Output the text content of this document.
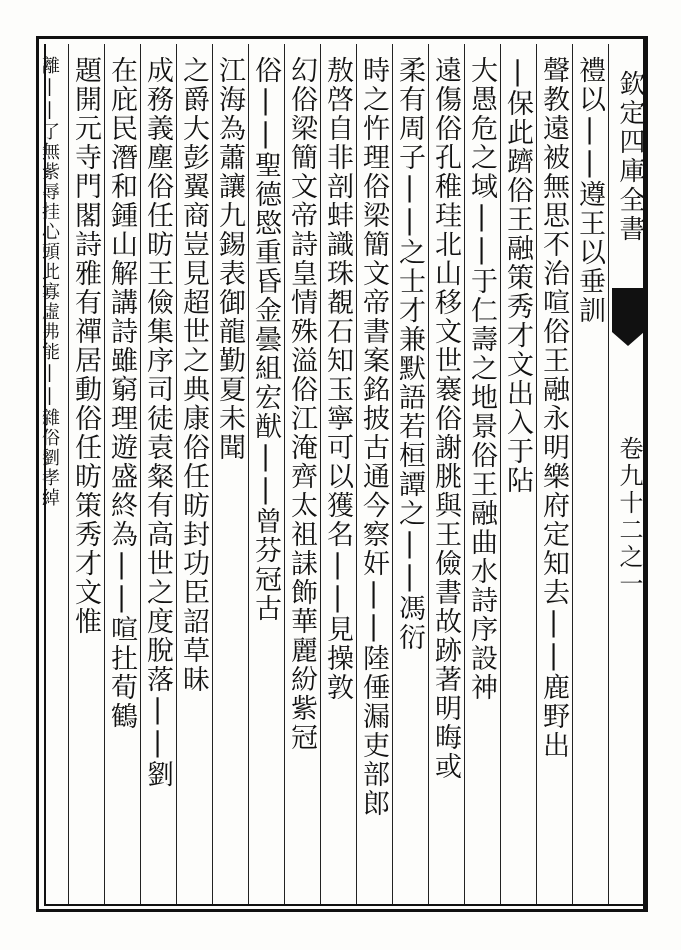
欽定四庫全書
卷九十二之一
禮以||遵王以垂訓
聲教遠被無思不治喧俗王融永明樂府定知去||鹿野出
|保此躋俗王融策秀才文出入于阽
大愚危之域||于仁壽之地景俗王融曲水詩序設神
遠傷俗孔稚珪北山移文世褰俗謝朓與王儉書故跡著明晦或
柔有周子||之士才兼默語若桓譚之||馮衍
時之忤理俗梁簡文帝書案銘披古通今察奸||陸倕漏吏部郎
敖啓自非剖蚌識珠覩石知玉寧可以獲名||見操敦
幻俗梁簡文帝詩皇情殊溢俗江淹齊太祖誄飾華麗紛紫冠
俗||聖德愍重昏金曇組宏猷||曾芬冠古
江海為蕭讓九錫表御龍勤夏未聞
之爵大彭翼商豈見超世之典康俗任昉封功臣詔草昧
成務義塵俗任昉王儉集序司徒袁粲有高世之度脫落||劉
在庇民潛和鍾山解講詩雖窮理遊盛終為||喧扗荀鶴
題開元寺門閣詩雅有禪居動俗任昉策秀才文惟
離||了無紫辱挂心頭此寡虛弗能||雜俗劉孝綽
